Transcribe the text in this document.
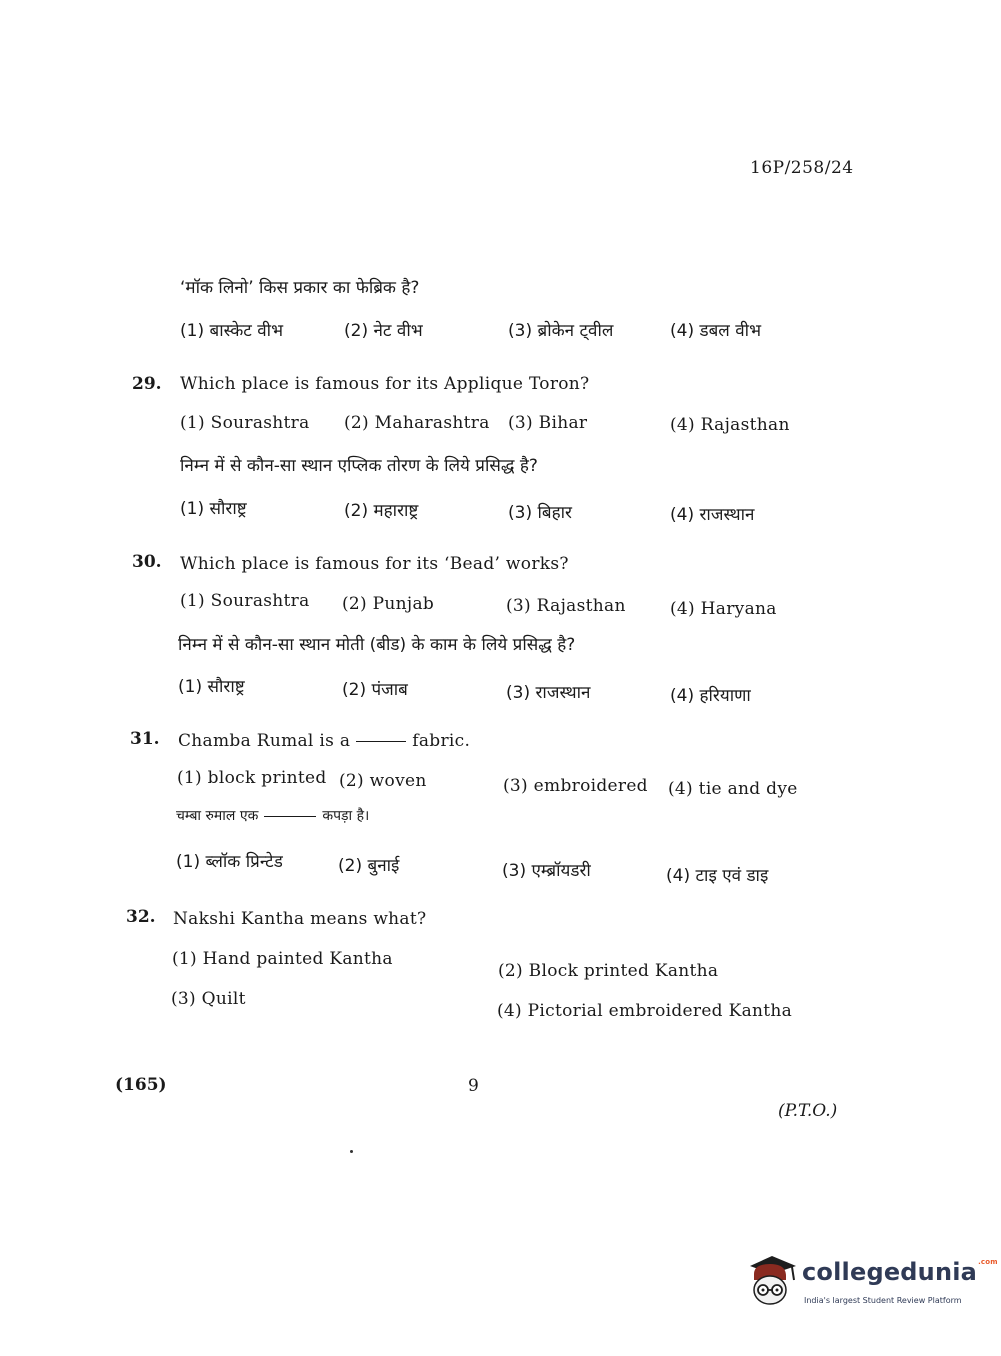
16P/258/24
‘मॉक लिनो’ किस प्रकार का फेब्रिक है?
(1) बास्केट वीभ	(2) नेट वीभ	(3) ब्रोकेन ट्वील	(4) डबल वीभ
29. Which place is famous for its Applique Toron?
(1) Sourashtra (2) Maharashtra (3) Bihar	(4) Rajasthan
निम्न में से कौन-सा स्थान एप्लिक तोरण के लिये प्रसिद्ध है?
(1) सौराष्ट्र	(2) महाराष्ट्र	(3) बिहार	(4) राजस्थान
30. Which place is famous for its ‘Bead’ works?
(1) Sourashtra (2) Punjab	(3) Rajasthan	(4) Haryana
निम्न में से कौन-सा स्थान मोती (बीड) के काम के लिये प्रसिद्ध है?
(1) सौराष्ट्र	(2) पंजाब	(3) राजस्थान	(4) हरियाणा
31. Chamba Rumal is a	fabric.
(1) block printed (2) woven	(3) embroidered (4) tie and dye
चम्बा रुमाल एक	कपड़ा है।
(1) ब्लॉक प्रिन्टेड	(2) बुनाई	(3) एम्ब्रॉयडरी	(4) टाइ एवं डाइ
32. Nakshi Kantha means what?
(1) Hand painted Kantha
(2) Block printed Kantha
(3) Quilt
(4) Pictorial embroidered Kantha
(165)	9
(P.T.O.)
collegedunia$^{.com}$
India's largest Student Review Platform
